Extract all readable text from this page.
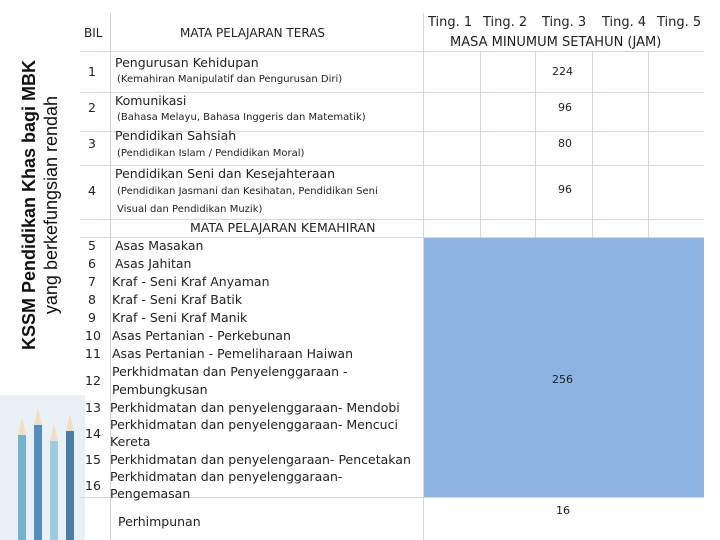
KSSM Pendidikan Khas bagi MBK yang berkefungsian rendah
BIL	MATA PELAJARAN TERAS
Ting. 1 Ting. 2 Ting. 3 Ting. 4 Ting. 5
MASA MINUMUM SETAHUN (JAM)
1
Pengurusan Kehidupan
(Kemahiran Manipulatif dan Pengurusan Diri)
224
2 Komunikasi
(Bahasa Melayu, Bahasa Inggeris dan Matematik)
96
3
Pendidikan Sahsiah
(Pendidikan Islam / Pendidikan Moral)
80
4
Pendidikan Seni dan Kesejahteraan
(Pendidikan Jasmani dan Kesihatan, Pendidikan Seni
Visual dan Pendidikan Muzik)
96
MATA PELAJARAN KEMAHIRAN
5 Asas Masakan
6 Asas Jahitan
7 Kraf - Seni Kraf Anyaman
8 Kraf - Seni Kraf Batik
9 Kraf - Seni Kraf Manik
10 Asas Pertanian - Perkebunan
11 Asas Pertanian - Pemeliharaan Haiwan
12
Perkhidmatan dan Penyelenggaraan -
Pembungkusan
13 Perkhidmatan dan penyelenggaraan- Mendobi
14
Perkhidmatan dan penyelenggaraan- Mencuci
Kereta
15 Perkhidmatan dan penyelengaraan- Pencetakan
16
Perkhidmatan dan penyelenggaraan-
Pengemasan
256
Perhimpunan
16
